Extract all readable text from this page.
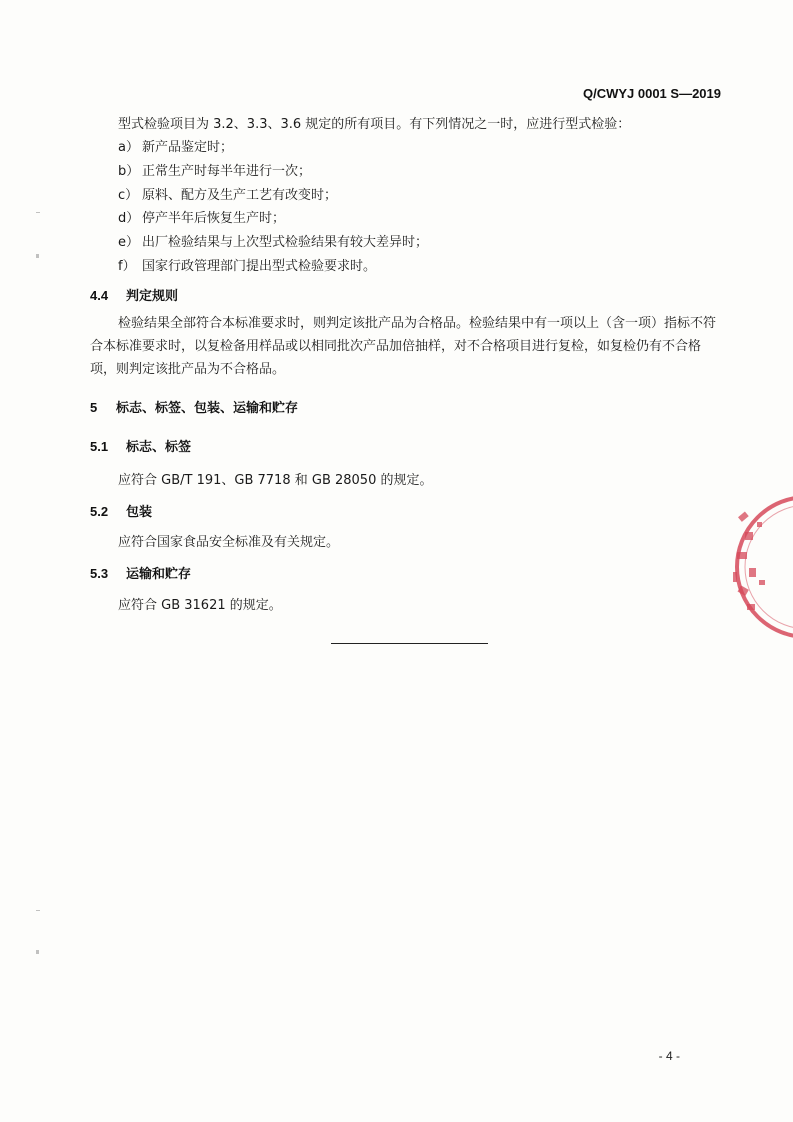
Q/CWYJ 0001 S—2019
型式检验项目为 3.2、3.3、3.6 规定的所有项目。有下列情况之一时，应进行型式检验：
a） 新产品鉴定时；
b） 正常生产时每半年进行一次；
c） 原料、配方及生产工艺有改变时；
d） 停产半年后恢复生产时；
e） 出厂检验结果与上次型式检验结果有较大差异时；
f） 国家行政管理部门提出型式检验要求时。
4.4	判定规则
检验结果全部符合本标准要求时，则判定该批产品为合格品。检验结果中有一项以上（含一项）指标不符合本标准要求时，以复检备用样品或以相同批次产品加倍抽样，对不合格项目进行复检，如复检仍有不合格项，则判定该批产品为不合格品。
5	标志、标签、包装、运输和贮存
5.1	标志、标签
应符合 GB/T 191、GB 7718 和 GB 28050 的规定。
5.2	包装
应符合国家食品安全标准及有关规定。
5.3	运输和贮存
应符合 GB 31621 的规定。
- 4 -
